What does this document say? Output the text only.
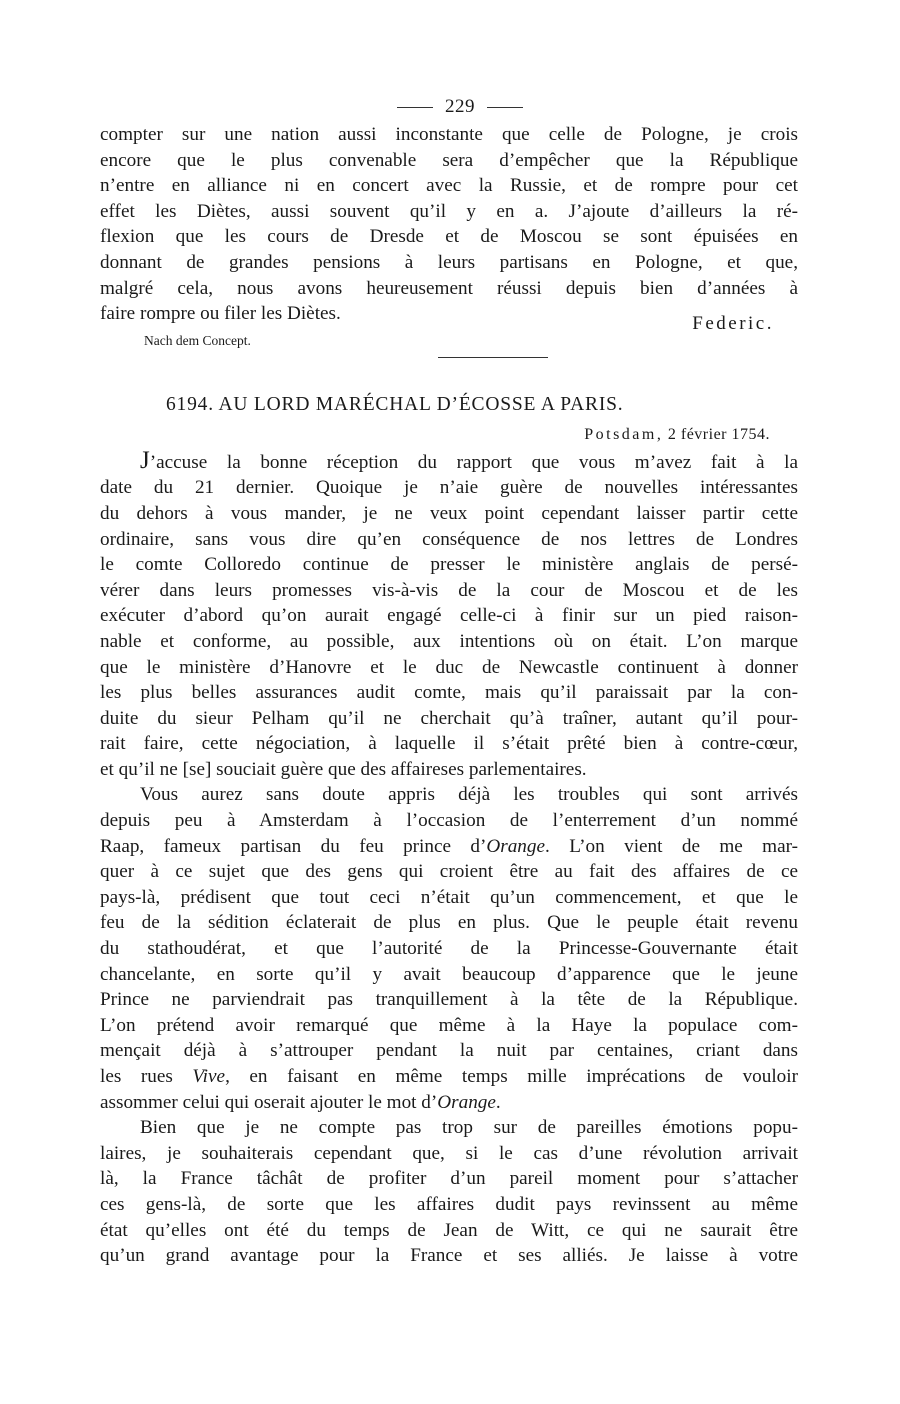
229
compter sur une nation aussi inconstante que celle de Pologne, je crois
encore que le plus convenable sera d’empêcher que la République
n’entre en alliance ni en concert avec la Russie, et de rompre pour cet
effet les Diètes, aussi souvent qu’il y en a. J’ajoute d’ailleurs la ré-
flexion que les cours de Dresde et de Moscou se sont épuisées en
donnant de grandes pensions à leurs partisans en Pologne, et que,
malgré cela, nous avons heureusement réussi depuis bien d’années à
faire rompre ou filer les Diètes.
Nach dem Concept.
Federic.
6194. AU LORD MARÉCHAL D’ÉCOSSE A PARIS.
Potsdam, 2 février 1754.
J’accuse la bonne réception du rapport que vous m’avez fait à la
date du 21 dernier. Quoique je n’aie guère de nouvelles intéressantes
du dehors à vous mander, je ne veux point cependant laisser partir cette
ordinaire, sans vous dire qu’en conséquence de nos lettres de Londres
le comte Colloredo continue de presser le ministère anglais de persé-
vérer dans leurs promesses vis-à-vis de la cour de Moscou et de les
exécuter d’abord qu’on aurait engagé celle-ci à finir sur un pied raison-
nable et conforme, au possible, aux intentions où on était. L’on marque
que le ministère d’Hanovre et le duc de Newcastle continuent à donner
les plus belles assurances audit comte, mais qu’il paraissait par la con-
duite du sieur Pelham qu’il ne cherchait qu’à traîner, autant qu’il pour-
rait faire, cette négociation, à laquelle il s’était prêté bien à contre-cœur,
et qu’il ne [se] souciait guère que des affaireses parlementaires.
Vous aurez sans doute appris déjà les troubles qui sont arrivés
depuis peu à Amsterdam à l’occasion de l’enterrement d’un nommé
Raap, fameux partisan du feu prince d’Orange. L’on vient de me mar-
quer à ce sujet que des gens qui croient être au fait des affaires de ce
pays-là, prédisent que tout ceci n’était qu’un commencement, et que le
feu de la sédition éclaterait de plus en plus. Que le peuple était revenu
du stathoudérat, et que l’autorité de la Princesse-Gouvernante était
chancelante, en sorte qu’il y avait beaucoup d’apparence que le jeune
Prince ne parviendrait pas tranquillement à la tête de la République.
L’on prétend avoir remarqué que même à la Haye la populace com-
mençait déjà à s’attrouper pendant la nuit par centaines, criant dans
les rues Vive, en faisant en même temps mille imprécations de vouloir
assommer celui qui oserait ajouter le mot d’Orange.
Bien que je ne compte pas trop sur de pareilles émotions popu-
laires, je souhaiterais cependant que, si le cas d’une révolution arrivait
là, la France tâchât de profiter d’un pareil moment pour s’attacher
ces gens-là, de sorte que les affaires dudit pays revinssent au même
état qu’elles ont été du temps de Jean de Witt, ce qui ne saurait être
qu’un grand avantage pour la France et ses alliés. Je laisse à votre
